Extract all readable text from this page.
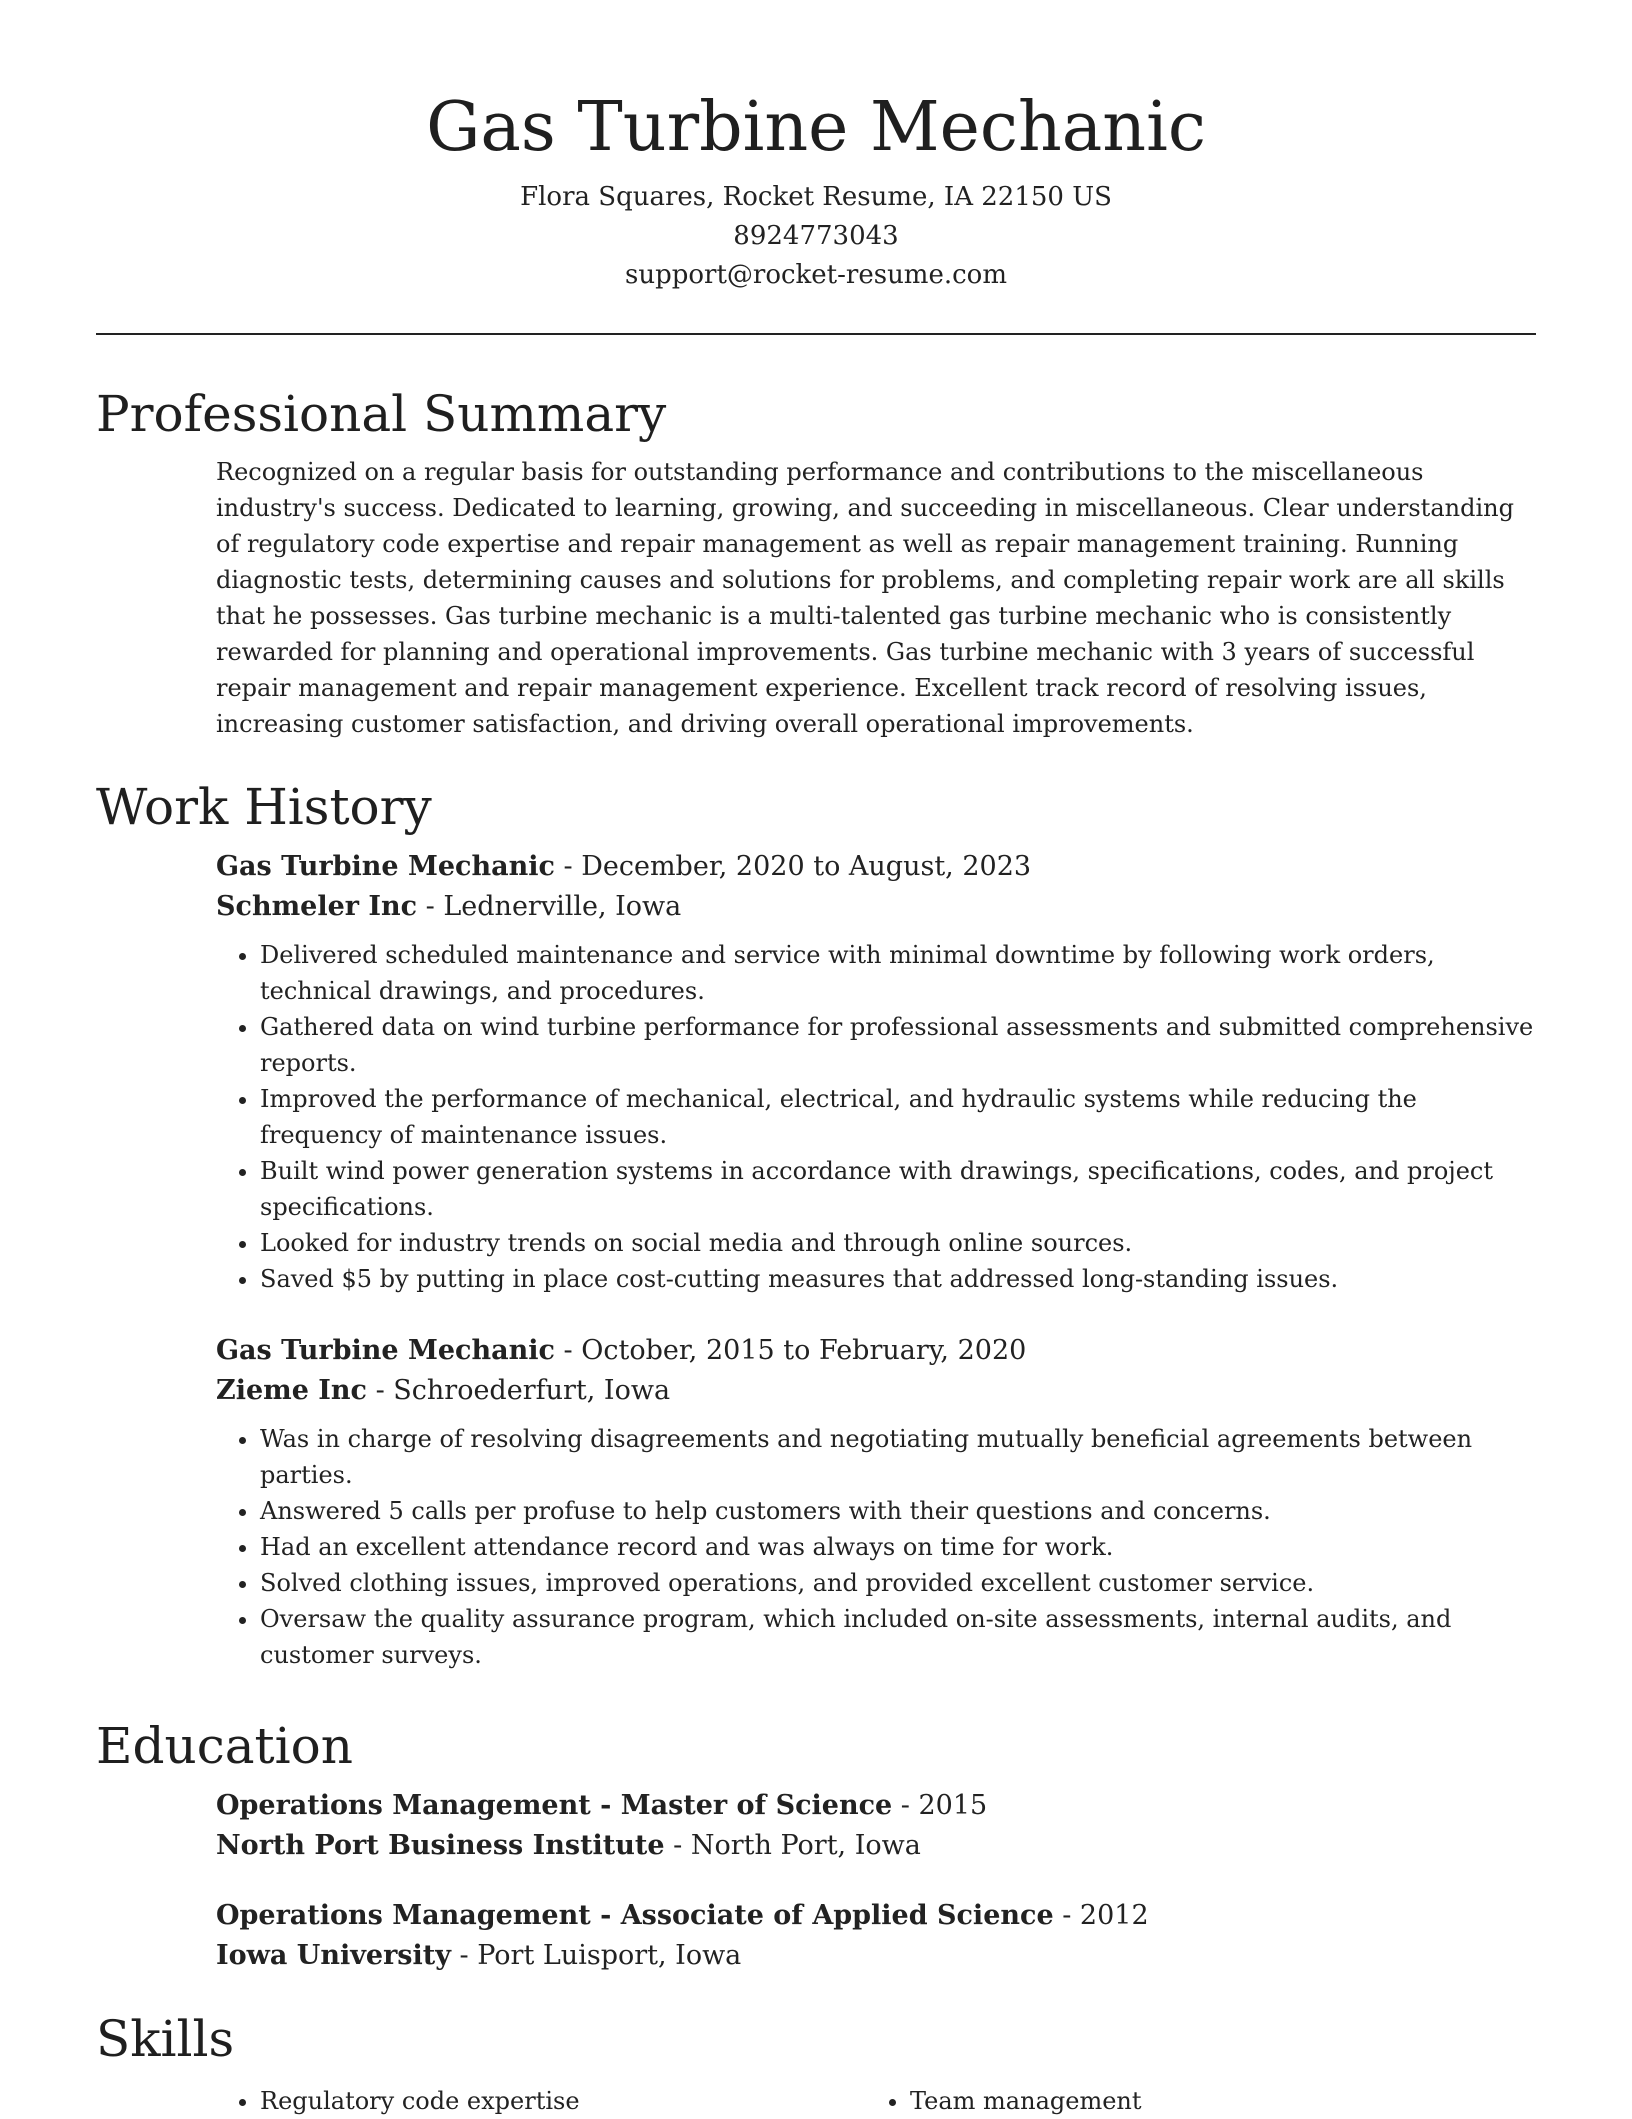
Gas Turbine Mechanic
Flora Squares, Rocket Resume, IA 22150 US
8924773043
support@rocket-resume.com
Professional Summary

Recognized on a regular basis for outstanding performance and contributions to the miscellaneous industry's success. Dedicated to learning, growing, and succeeding in miscellaneous. Clear understanding of regulatory code expertise and repair management as well as repair management training. Running diagnostic tests, determining causes and solutions for problems, and completing repair work are all skills that he possesses. Gas turbine mechanic is a multi-talented gas turbine mechanic who is consistently rewarded for planning and operational improvements. Gas turbine mechanic with 3 years of successful repair management and repair management experience. Excellent track record of resolving issues, increasing customer satisfaction, and driving overall operational improvements.

Work History
Gas Turbine Mechanic - December, 2020 to August, 2023
Schmeler Inc - Lednerville, Iowa
• Delivered scheduled maintenance and service with minimal downtime by following work orders, technical drawings, and procedures.
• Gathered data on wind turbine performance for professional assessments and submitted comprehensive reports.
• Improved the performance of mechanical, electrical, and hydraulic systems while reducing the frequency of maintenance issues.
• Built wind power generation systems in accordance with drawings, specifications, codes, and project specifications.
• Looked for industry trends on social media and through online sources.
• Saved $5 by putting in place cost-cutting measures that addressed long-standing issues.
Gas Turbine Mechanic - October, 2015 to February, 2020
Zieme Inc - Schroederfurt, Iowa
• Was in charge of resolving disagreements and negotiating mutually beneficial agreements between parties.
• Answered 5 calls per profuse to help customers with their questions and concerns.
• Had an excellent attendance record and was always on time for work.
• Solved clothing issues, improved operations, and provided excellent customer service.
• Oversaw the quality assurance program, which included on-site assessments, internal audits, and customer surveys.
Education
Operations Management - Master of Science - 2015
North Port Business Institute - North Port, Iowa
Operations Management - Associate of Applied Science - 2012
Iowa University - Port Luisport, Iowa
Skills
• Regulatory code expertise
•	Team management
